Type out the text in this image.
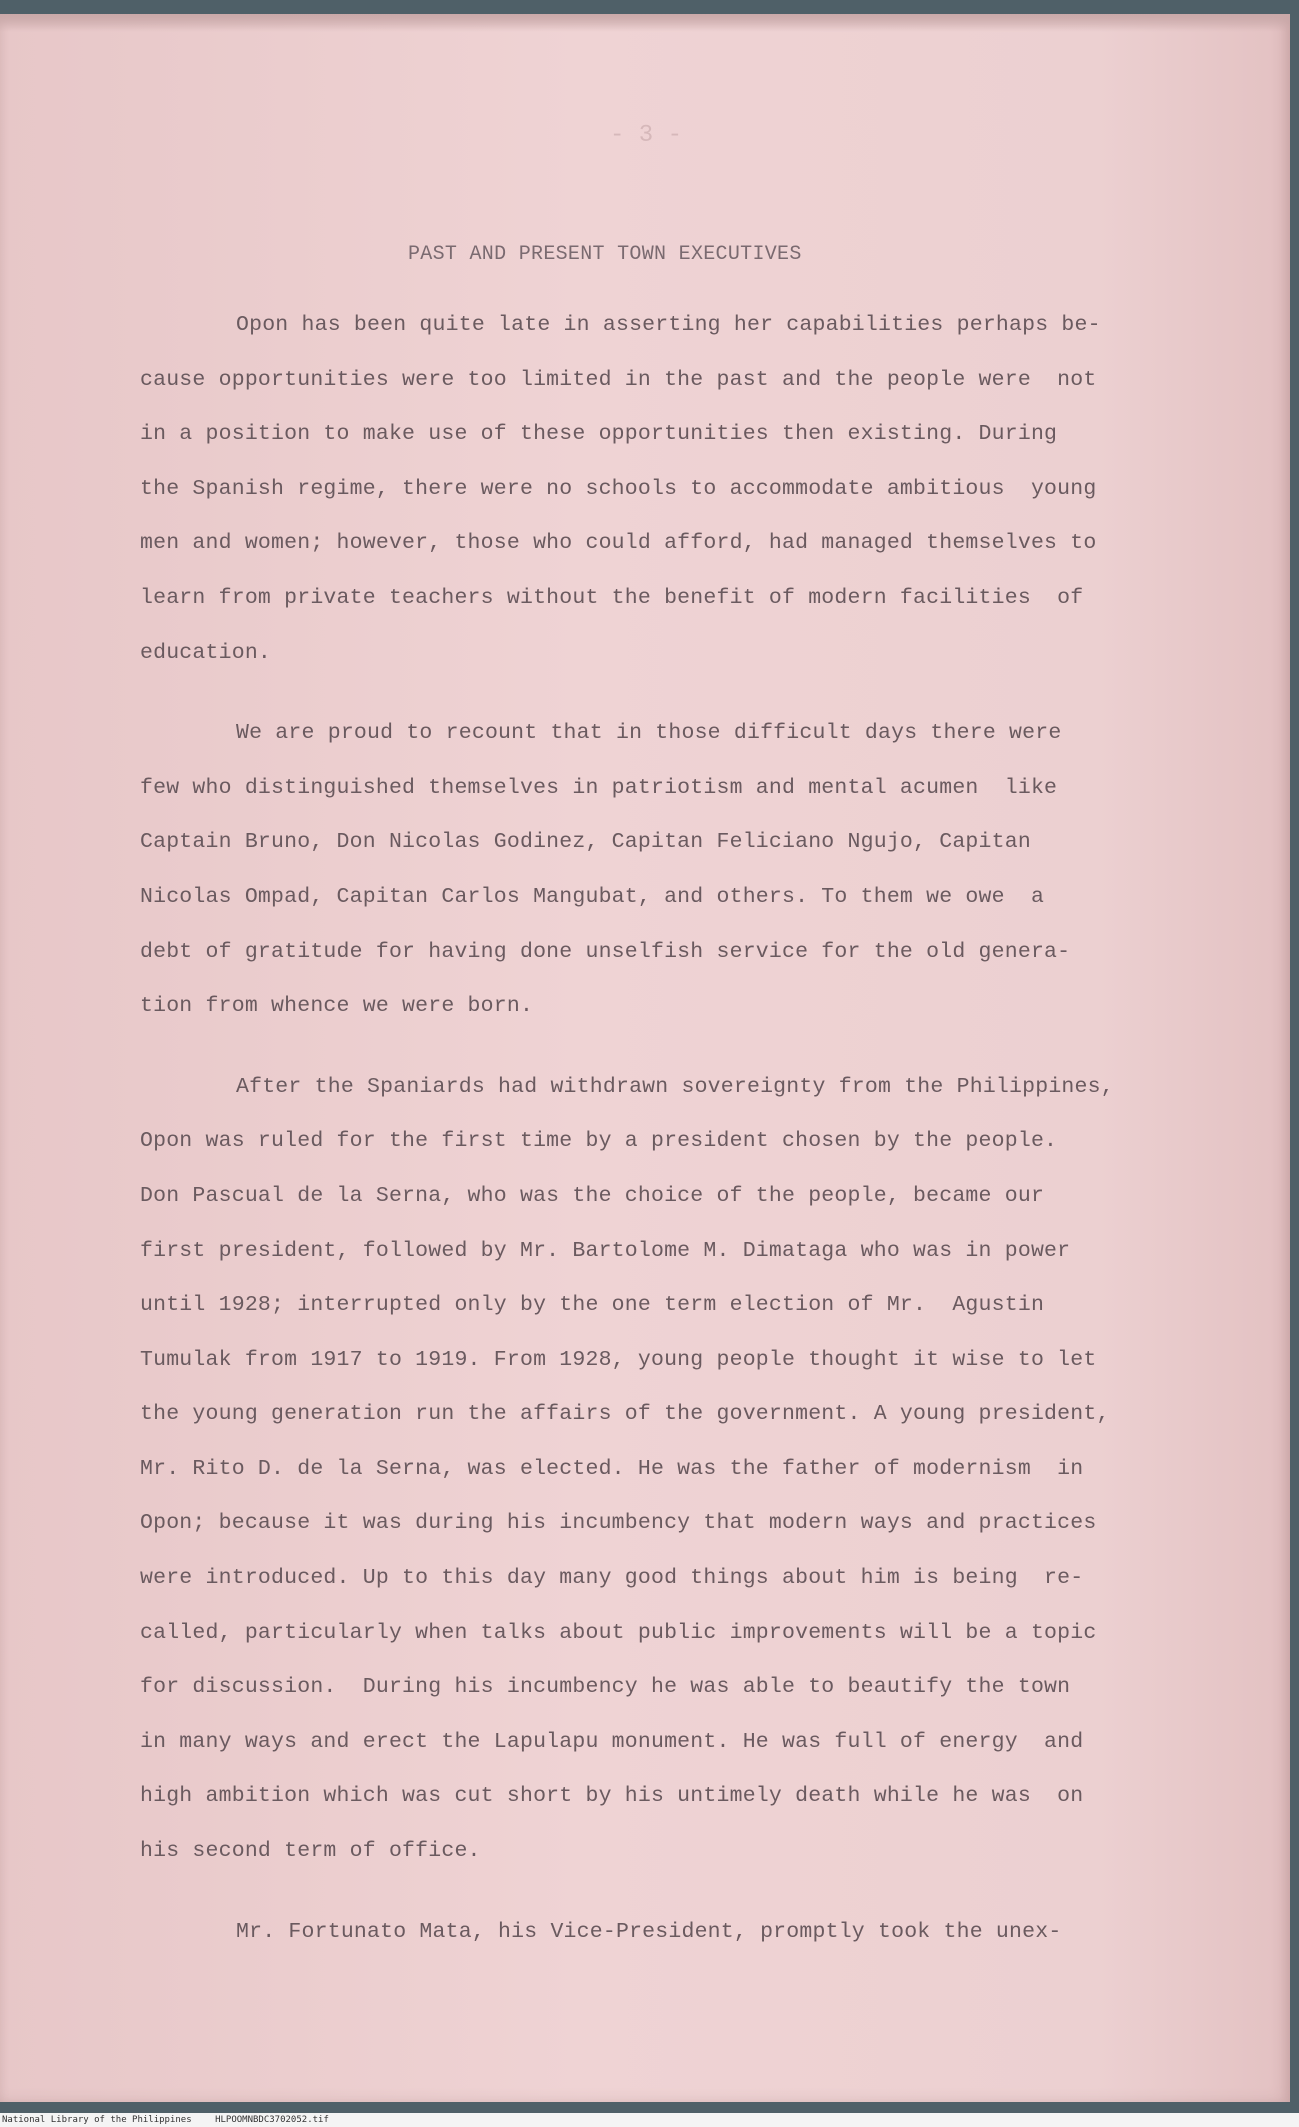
- 3 -
PAST AND PRESENT TOWN EXECUTIVES
Opon has been quite late in asserting her capabilities perhaps be-
cause opportunities were too limited in the past and the people were  not
in a position to make use of these opportunities then existing. During
the Spanish regime, there were no schools to accommodate ambitious  young
men and women; however, those who could afford, had managed themselves to
learn from private teachers without the benefit of modern facilities  of
education.
We are proud to recount that in those difficult days there were
few who distinguished themselves in patriotism and mental acumen  like
Captain Bruno, Don Nicolas Godinez, Capitan Feliciano Ngujo, Capitan
Nicolas Ompad, Capitan Carlos Mangubat, and others. To them we owe  a
debt of gratitude for having done unselfish service for the old genera-
tion from whence we were born.
After the Spaniards had withdrawn sovereignty from the Philippines,
Opon was ruled for the first time by a president chosen by the people.
Don Pascual de la Serna, who was the choice of the people, became our
first president, followed by Mr. Bartolome M. Dimataga who was in power
until 1928; interrupted only by the one term election of Mr.  Agustin
Tumulak from 1917 to 1919. From 1928, young people thought it wise to let
the young generation run the affairs of the government. A young president,
Mr. Rito D. de la Serna, was elected. He was the father of modernism  in
Opon; because it was during his incumbency that modern ways and practices
were introduced. Up to this day many good things about him is being  re-
called, particularly when talks about public improvements will be a topic
for discussion.  During his incumbency he was able to beautify the town
in many ways and erect the Lapulapu monument. He was full of energy  and
high ambition which was cut short by his untimely death while he was  on
his second term of office.
Mr. Fortunato Mata, his Vice-President, promptly took the unex-
National Library of the Philippines	HLPOOMNBDC3702052.tif
